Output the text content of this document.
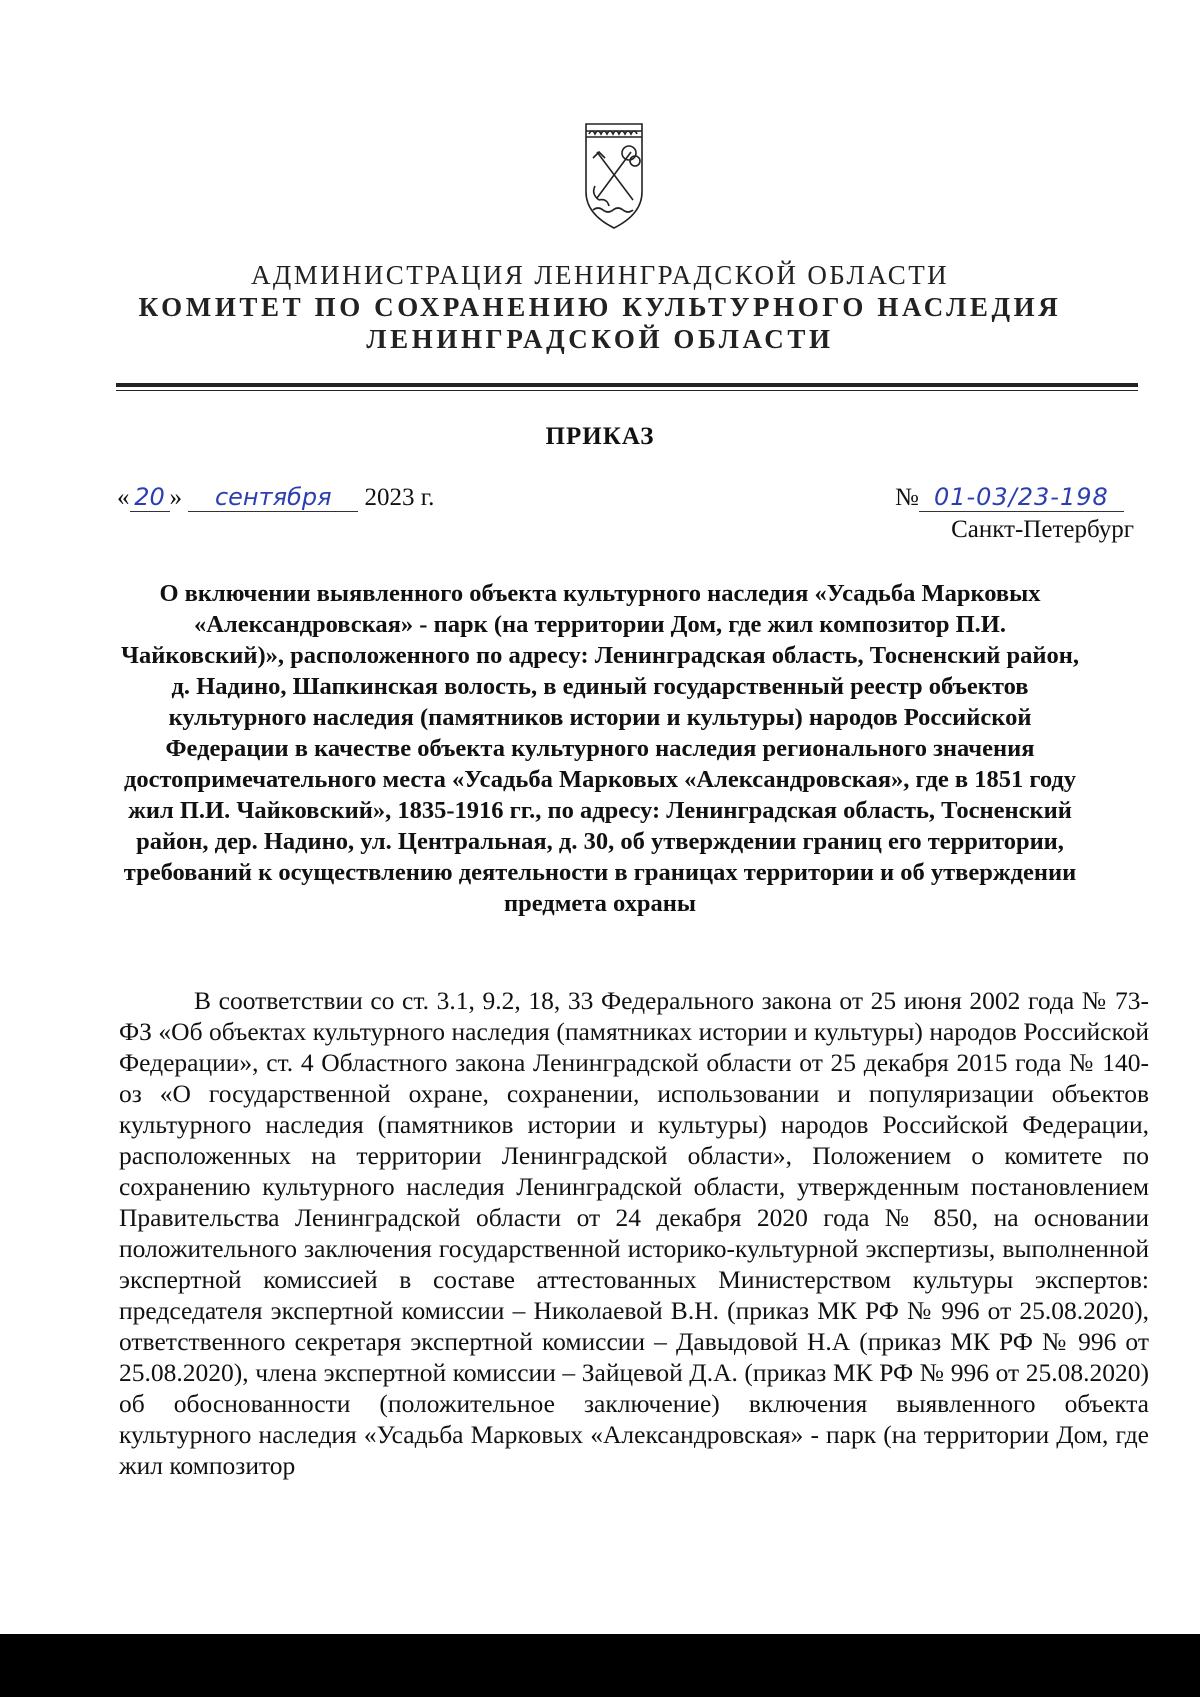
АДМИНИСТРАЦИЯ ЛЕНИНГРАДСКОЙ ОБЛАСТИ
КОМИТЕТ ПО СОХРАНЕНИЮ КУЛЬТУРНОГО НАСЛЕДИЯ
ЛЕНИНГРАДСКОЙ ОБЛАСТИ
ПРИКАЗ
« 20 » сентября 2023 г.	№ 01-03/23-198
Санкт-Петербург
О включении выявленного объекта культурного наследия «Усадьба Марковых «Александровская» - парк (на территории Дом, где жил композитор П.И. Чайковский)», расположенного по адресу: Ленинградская область, Тосненский район, д. Надино, Шапкинская волость, в единый государственный реестр объектов культурного наследия (памятников истории и культуры) народов Российской Федерации в качестве объекта культурного наследия регионального значения достопримечательного места «Усадьба Марковых «Александровская», где в 1851 году жил П.И. Чайковский», 1835-1916 гг., по адресу: Ленинградская область, Тосненский район, дер. Надино, ул. Центральная, д. 30, об утверждении границ его территории, требований к осуществлению деятельности в границах территории и об утверждении предмета охраны
В соответствии со ст. 3.1, 9.2, 18, 33 Федерального закона от 25 июня 2002 года № 73-ФЗ «Об объектах культурного наследия (памятниках истории и культуры) народов Российской Федерации», ст. 4 Областного закона Ленинградской области от 25 декабря 2015 года № 140-оз «О государственной охране, сохранении, использовании и популяризации объектов культурного наследия (памятников истории и культуры) народов Российской Федерации, расположенных на территории Ленинградской области», Положением о комитете по сохранению культурного наследия Ленинградской области, утвержденным постановлением Правительства Ленинградской области от 24 декабря 2020 года № 850, на основании положительного заключения государственной историко-культурной экспертизы, выполненной экспертной комиссией в составе аттестованных Министерством культуры экспертов: председателя экспертной комиссии – Николаевой В.Н. (приказ МК РФ № 996 от 25.08.2020), ответственного секретаря экспертной комиссии – Давыдовой Н.А (приказ МК РФ № 996 от 25.08.2020), члена экспертной комиссии – Зайцевой Д.А. (приказ МК РФ № 996 от 25.08.2020) об обоснованности (положительное заключение) включения выявленного объекта культурного наследия «Усадьба Марковых «Александровская» - парк (на территории Дом, где жил композитор
